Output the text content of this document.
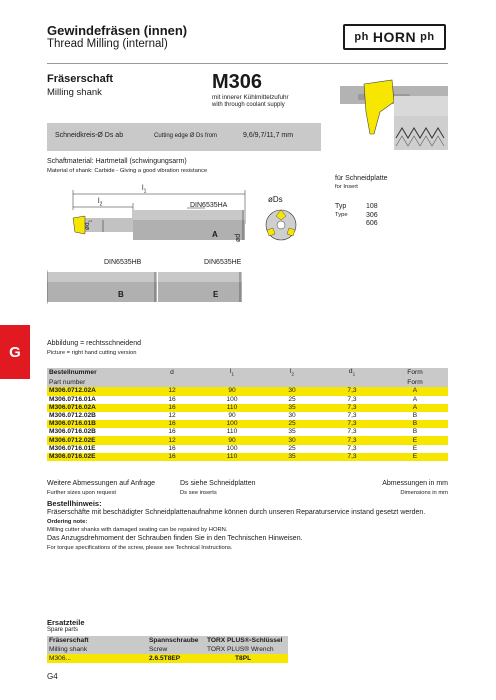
Gewindefräsen (innen)
Thread Milling (internal)
ph HORN ph
Fräserschaft
Milling shank	M306
mit innerer Kühlmittelzufuhr
with through coolant supply
Schneidkreis-Ø Ds ab	Cutting edge Ø Ds from	9,6/9,7/11,7 mm
Schaftmaterial: Hartmetall (schwingungsarm)
Material of shank: Carbide - Giving a good vibration resistance
für Schneidplatte
for Insert
Typ
Type
108
306
606
$l_1$
$l_2$
$ød_1$
ød
DIN6535HA
A
øDs
DIN6535HB
B
DIN6535HE
E
G	Abbildung = rechtsschneidend
Picture = right hand cutting version
Bestellnummer	d	$l_1$	$l_2$	$d_1$	Form
Part number					Form
M306.0712.02A	12	90	30	7,3	A
M306.0716.01A	16	100	25	7,3	A
M306.0716.02A	16	110	35	7,3	A
M306.0712.02B	12	90	30	7,3	B
M306.0716.01B	16	100	25	7,3	B
M306.0716.02B	16	110	35	7,3	B
M306.0712.02E	12	90	30	7,3	E
M306.0716.01E	16	100	25	7,3	E
M306.0716.02E	16	110	35	7,3	E
Weitere Abmessungen auf Anfrage
Further sizes upon request
Ds siehe Schneidplatten
Ds see inserts
Abmessungen in mm
Dimensions in mm
Bestellhinweis:
Fräserschäfte mit beschädigter Schneidplattenaufnahme können durch unseren Reparaturservice instand gesetzt werden.
Ordering note:
Milling cutter shanks with damaged seating can be repaired by HORN.
Das Anzugsdrehmoment der Schrauben finden Sie in den Technischen Hinweisen.
For torque specifications of the screw, please see Technical Instructions.
Ersatzteile
Spare parts
Fräserschaft	Spannschraube	TORX PLUS®-Schlüssel
Milling shank	Screw	TORX PLUS® Wrench
M306...	2.6.5T8EP	T8PL
G4
